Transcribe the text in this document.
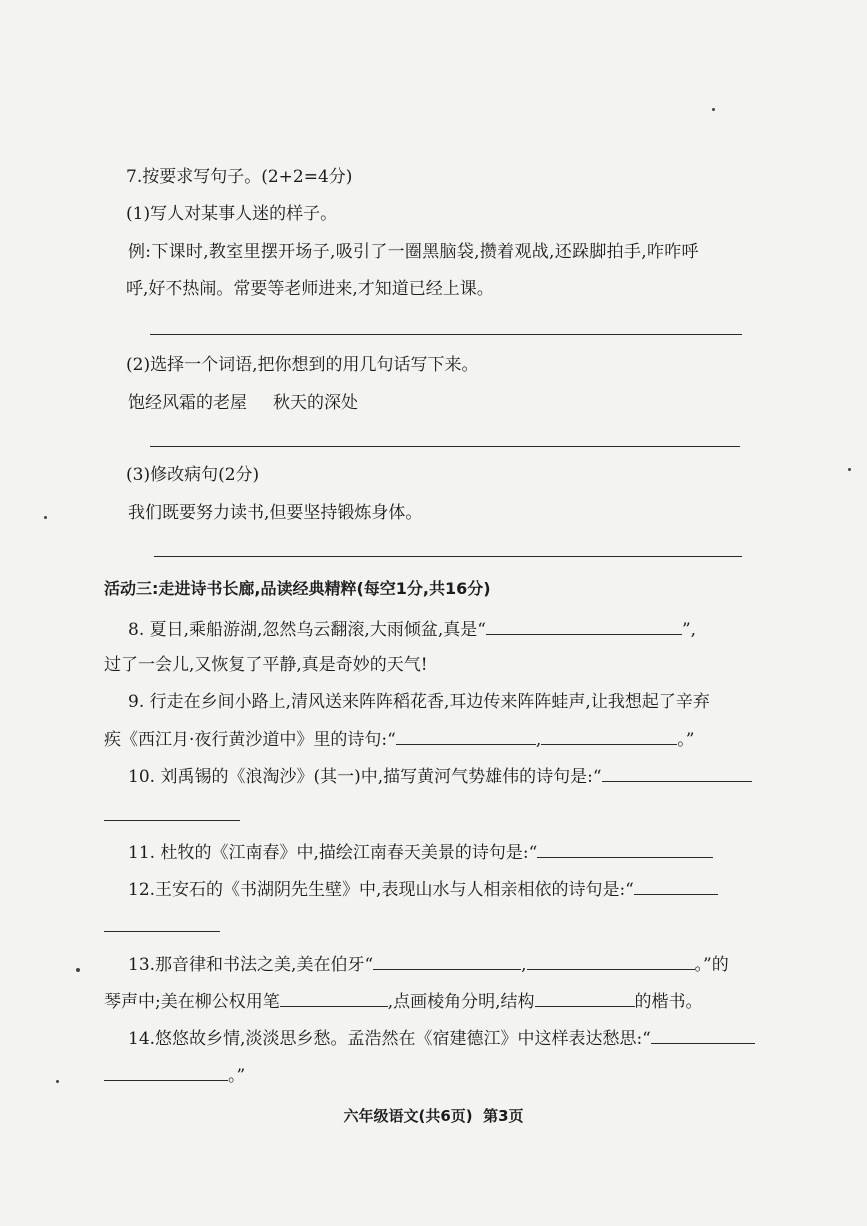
7.按要求写句子。(2+2=4分)
(1)写人对某事人迷的样子。
例:下课时,教室里摆开场子,吸引了一圈黑脑袋,攒着观战,还跺脚拍手,咋咋呼
呼,好不热闹。常要等老师进来,才知道已经上课。
(2)选择一个词语,把你想到的用几句话写下来。
饱经风霜的老屋 秋天的深处
(3)修改病句(2分)
我们既要努力读书,但要坚持锻炼身体。
活动三:走进诗书长廊,品读经典精粹(每空1分,共16分)
8. 夏日,乘船游湖,忽然乌云翻滚,大雨倾盆,真是“	”,
过了一会儿,又恢复了平静,真是奇妙的天气!
9. 行走在乡间小路上,清风送来阵阵稻花香,耳边传来阵阵蛙声,让我想起了辛弃
疾《西江月·夜行黄沙道中》里的诗句:“	,	。”
10. 刘禹锡的《浪淘沙》(其一)中,描写黄河气势雄伟的诗句是:“
11. 杜牧的《江南春》中,描绘江南春天美景的诗句是:“
12.王安石的《书湖阴先生壁》中,表现山水与人相亲相依的诗句是:“
13.那音律和书法之美,美在伯牙“	,	。”的
琴声中;美在柳公权用笔	,点画棱角分明,结构	的楷书。
14.悠悠故乡情,淡淡思乡愁。孟浩然在《宿建德江》中这样表达愁思:“
。”
六年级语文(共6页) 第3页
